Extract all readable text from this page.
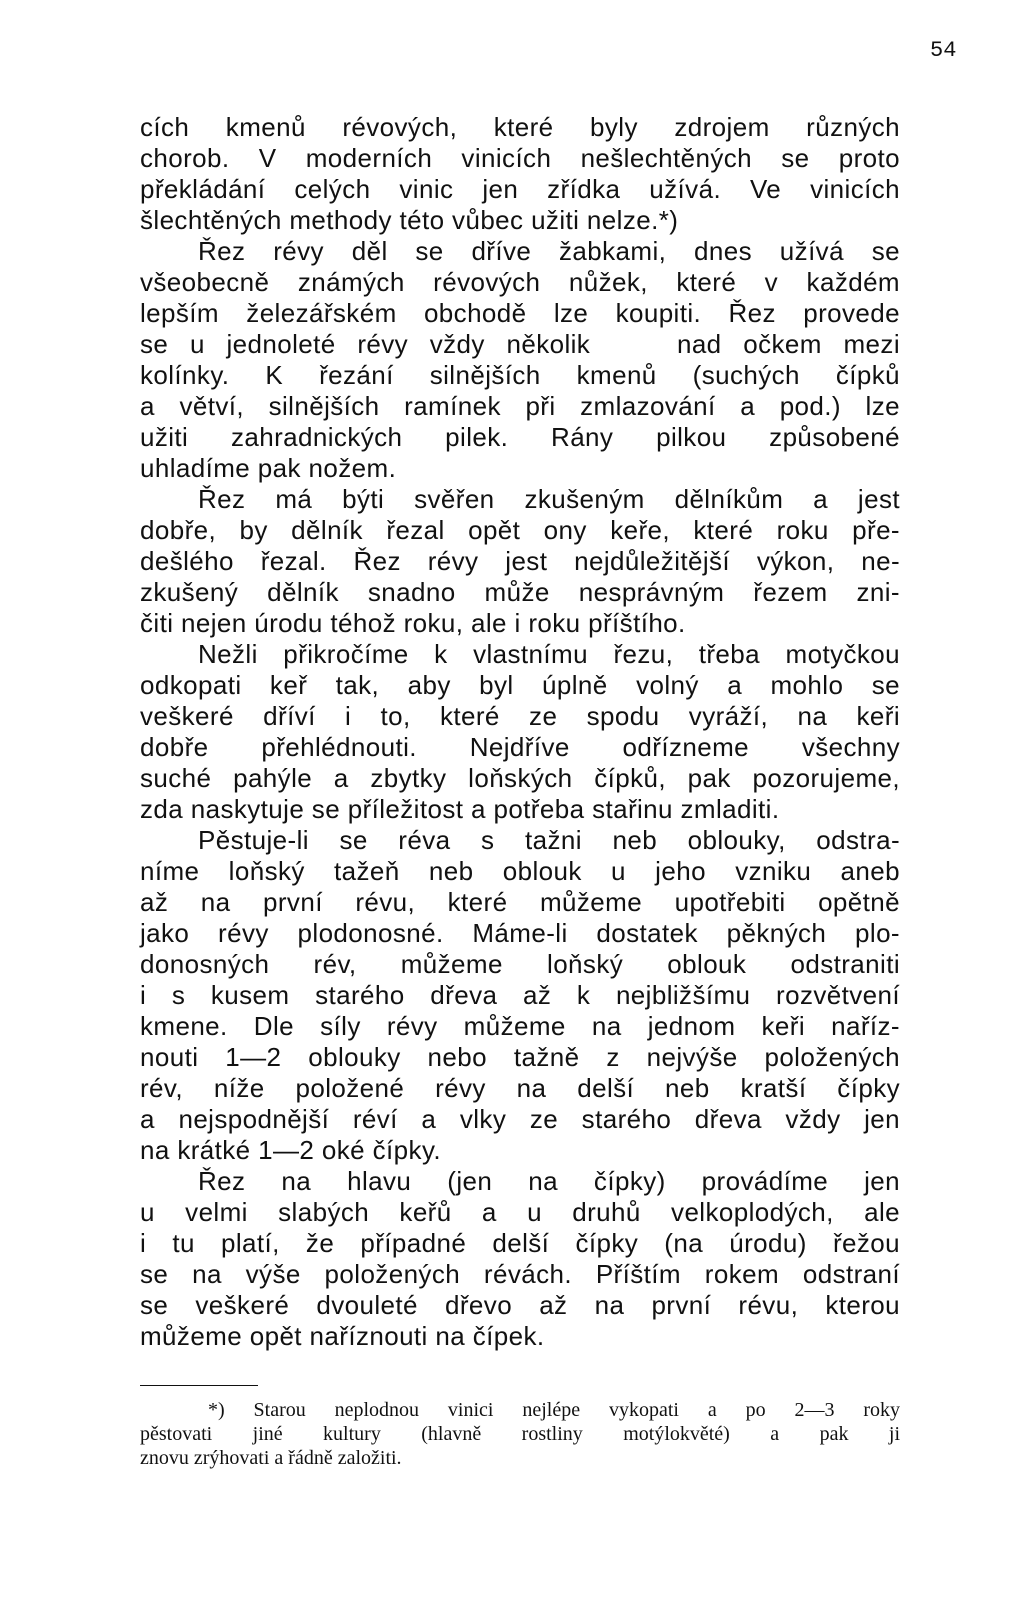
54
cích kmenů révových, které byly zdrojem různých
chorob. V moderních vinicích nešlechtěných se proto
překládání celých vinic jen zřídka užívá. Ve vinicích
šlechtěných methody této vůbec užiti nelze.*)
Řez révy děl se dříve žabkami, dnes užívá se
všeobecně známých révových nůžek, které v každém
lepším železářském obchodě lze koupiti. Řez provede
se u jednoleté révy vždy několik    nad očkem mezi
kolínky. K řezání silnějších kmenů (suchých čípků
a větví, silnějších ramínek při zmlazování a pod.) lze
užiti zahradnických pilek. Rány pilkou způsobené
uhladíme pak nožem.
Řez má býti svěřen zkušeným dělníkům a jest
dobře, by dělník řezal opět ony keře, které roku pře-
dešlého řezal. Řez révy jest nejdůležitější výkon, ne-
zkušený dělník snadno může nesprávným řezem zni-
čiti nejen úrodu téhož roku, ale i roku příštího.
Nežli přikročíme k vlastnímu řezu, třeba motyčkou
odkopati keř tak, aby byl úplně volný a mohlo se
veškeré dříví i to, které ze spodu vyráží, na keři
dobře přehlédnouti. Nejdříve odřízneme všechny
suché pahýle a zbytky loňských čípků, pak pozorujeme,
zda naskytuje se příležitost a potřeba stařinu zmladiti.
Pěstuje-li se réva s tažni neb oblouky, odstra-
níme loňský tažeň neb oblouk u jeho vzniku aneb
až na první révu, které můžeme upotřebiti opětně
jako révy plodonosné. Máme-li dostatek pěkných plo-
donosných rév, můžeme loňský oblouk odstraniti
i s kusem starého dřeva až k nejbližšímu rozvětvení
kmene. Dle síly révy můžeme na jednom keři naříz-
nouti 1—2 oblouky nebo tažně z nejvýše položených
rév, níže položené révy na delší neb kratší čípky
a nejspodnější réví a vlky ze starého dřeva vždy jen
na krátké 1—2 oké čípky.
Řez na hlavu (jen na čípky) provádíme jen
u velmi slabých keřů a u druhů velkoplodých, ale
i tu platí, že případné delší čípky (na úrodu) řežou
se na výše položených révách. Příštím rokem odstraní
se veškeré dvouleté dřevo až na první révu, kterou
můžeme opět naříznouti na čípek.
*) Starou neplodnou vinici nejlépe vykopati a po 2—3 roky
pěstovati jiné kultury (hlavně rostliny motýlokvěté) a pak ji
znovu zrýhovati a řádně založiti.
